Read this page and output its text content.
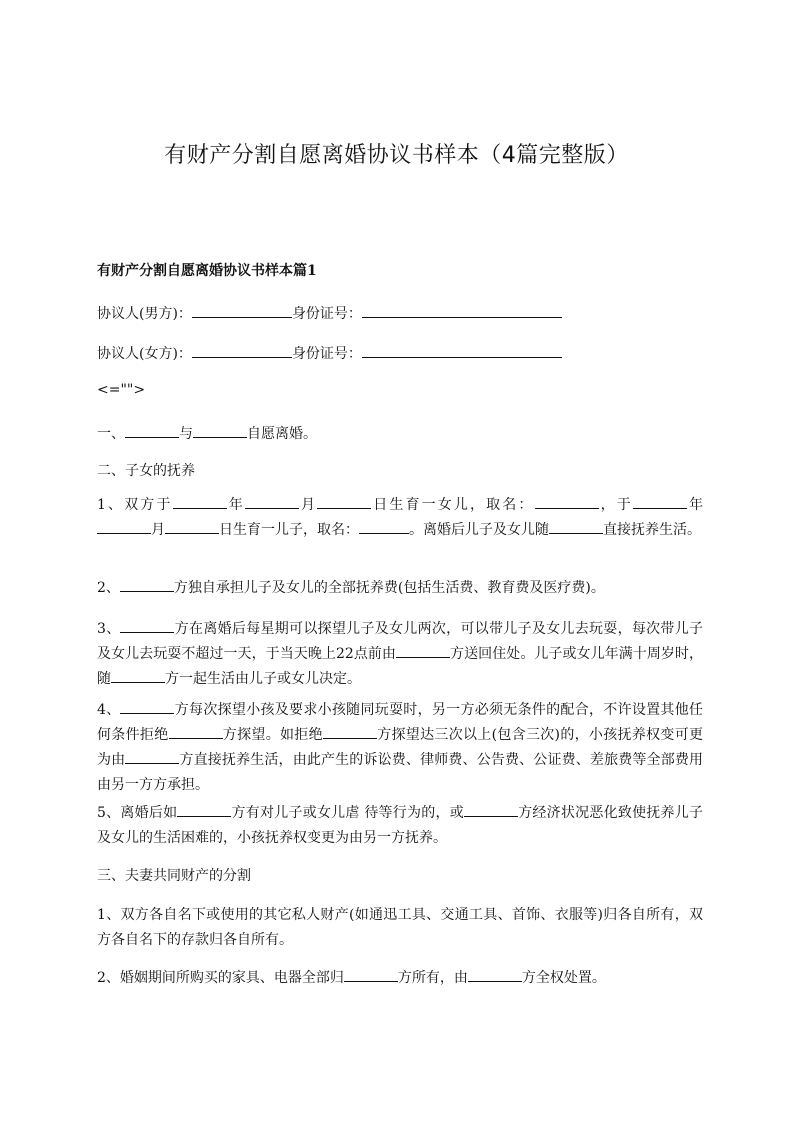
有财产分割自愿离婚协议书样本（4篇完整版）
有财产分割自愿离婚协议书样本篇1
协议人(男方)：	身份证号：
协议人(女方)：	身份证号：
<="">
一、	与	自愿离婚。
二、子女的抚养
1、双方于	年	月	日生育一女儿，取名：	，于	年月	日生育一儿子，取名：	。离婚后儿子及女儿随	直接抚养生活。
2、	方独自承担儿子及女儿的全部抚养费(包括生活费、教育费及医疗费)。
3、	方在离婚后每星期可以探望儿子及女儿两次，可以带儿子及女儿去玩耍，每次带儿子及女儿去玩耍不超过一天，于当天晚上22点前由	方送回住处。儿子或女儿年满十周岁时，随	方一起生活由儿子或女儿决定。
4、	方每次探望小孩及要求小孩随同玩耍时，另一方必须无条件的配合，不许设置其他任何条件拒绝	方探望。如拒绝	方探望达三次以上(包含三次)的，小孩抚养权变可更为由	方直接抚养生活，由此产生的诉讼费、律师费、公告费、公证费、差旅费等全部费用由另一方方承担。
5、离婚后如	方有对儿子或女儿虐 待等行为的，或	方经济状况恶化致使抚养儿子及女儿的生活困难的，小孩抚养权变更为由另一方抚养。
三、夫妻共同财产的分割
1、双方各自名下或使用的其它私人财产(如通迅工具、交通工具、首饰、衣服等)归各自所有，双方各自名下的存款归各自所有。
2、婚姻期间所购买的家具、电器全部归	方所有，由	方全权处置。
